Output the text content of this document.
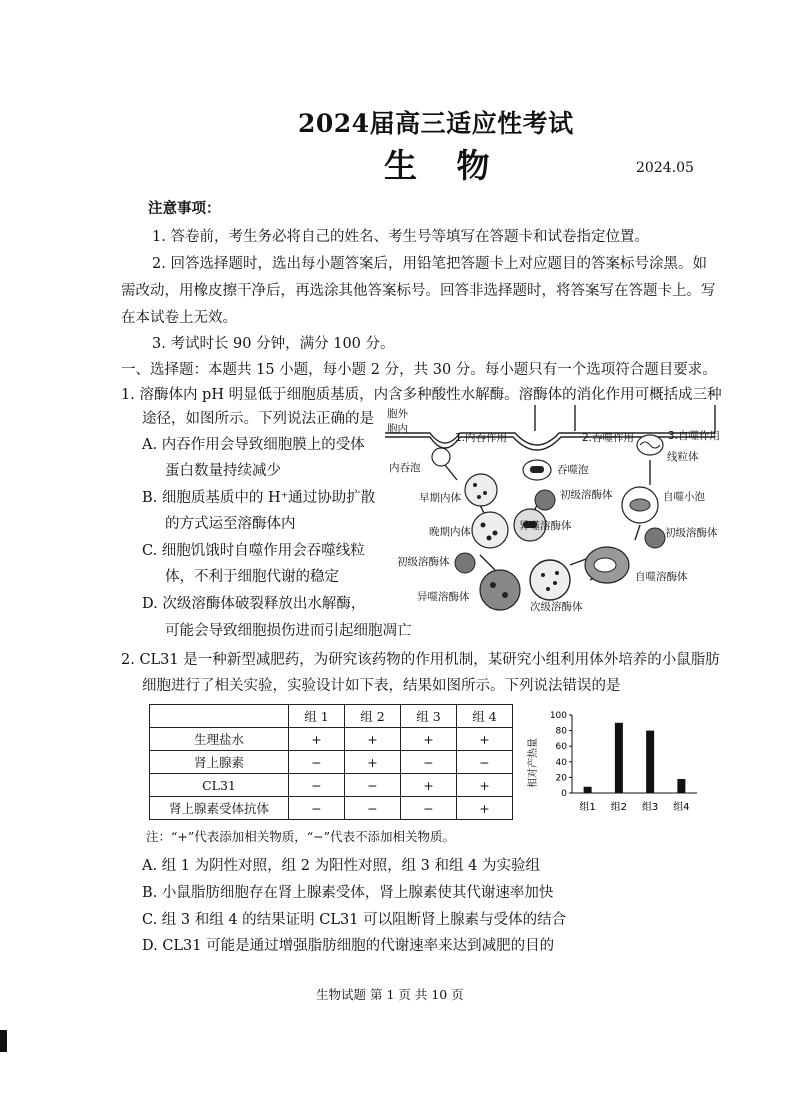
2024届高三适应性考试
生 物	2024.05
注意事项：
1. 答卷前，考生务必将自己的姓名、考生号等填写在答题卡和试卷指定位置。
2. 回答选择题时，选出每小题答案后，用铅笔把答题卡上对应题目的答案标号涂黑。如
需改动，用橡皮擦干净后，再选涂其他答案标号。回答非选择题时，将答案写在答题卡上。写
在本试卷上无效。
3. 考试时长 90 分钟，满分 100 分。
一、选择题：本题共 15 小题，每小题 2 分，共 30 分。每小题只有一个选项符合题目要求。
1. 溶酶体内 pH 明显低于细胞质基质，内含多种酸性水解酶。溶酶体的消化作用可概括成三种
途径，如图所示。下列说法正确的是
A. 内吞作用会导致细胞膜上的受体
蛋白数量持续减少
B. 细胞质基质中的 H⁺通过协助扩散
的方式运至溶酶体内
C. 细胞饥饿时自噬作用会吞噬线粒
体，不利于细胞代谢的稳定
D. 次级溶酶体破裂释放出水解酶，
可能会导致细胞损伤进而引起细胞凋亡
胞外
胞内
1.内吞作用	2.吞噬作用	3.自噬作用
内吞泡	吞噬泡
线粒体
早期内体	初级溶酶体	自噬小泡
晚期内体	异噬溶酶体
初级溶酶体
初级溶酶体
自噬溶酶体
异噬溶酶体
次级溶酶体
2. CL31 是一种新型减肥药，为研究该药物的作用机制，某研究小组利用体外培养的小鼠脂肪
细胞进行了相关实验，实验设计如下表，结果如图所示。下列说法错误的是
	组 1	组 2	组 3	组 4
生理盐水	+	+	+	+
肾上腺素	−	+	−	−
CL31	−	−	+	+
肾上腺素受体抗体	−	−	−	+
相对产热量
0
20
40
60
80
100
组1 组2 组3 组4
注：“+”代表添加相关物质，“−”代表不添加相关物质。
A. 组 1 为阴性对照，组 2 为阳性对照，组 3 和组 4 为实验组
B. 小鼠脂肪细胞存在肾上腺素受体，肾上腺素使其代谢速率加快
C. 组 3 和组 4 的结果证明 CL31 可以阻断肾上腺素与受体的结合
D. CL31 可能是通过增强脂肪细胞的代谢速率来达到减肥的目的
生物试题 第 1 页 共 10 页
